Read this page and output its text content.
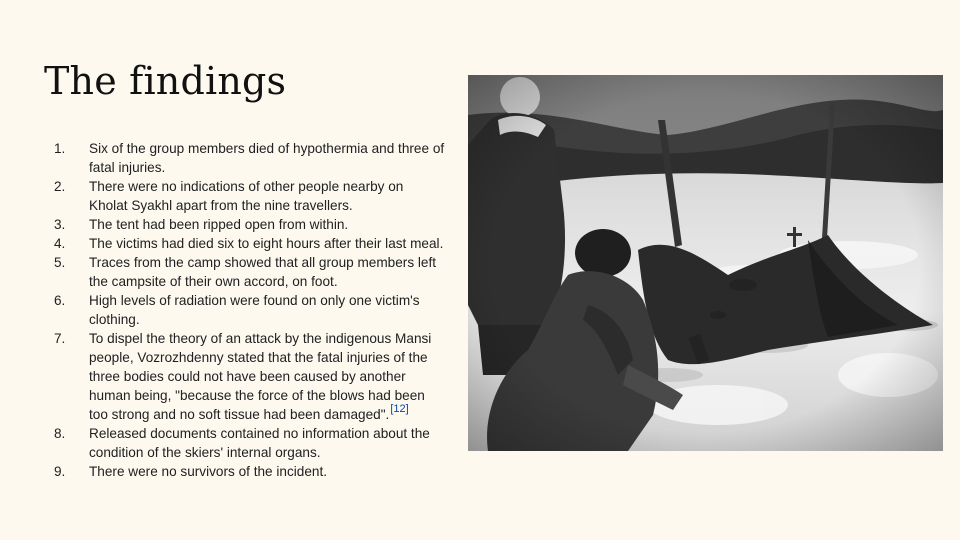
The findings
1.	Six of the group members died of hypothermia and three of fatal injuries.
2.	There were no indications of other people nearby on Kholat Syakhl apart from the nine travellers.
3.	The tent had been ripped open from within.
4.	The victims had died six to eight hours after their last meal.
5.	Traces from the camp showed that all group members left the campsite of their own accord, on foot.
6.	High levels of radiation were found on only one victim's clothing.
7.	To dispel the theory of an attack by the indigenous Mansi people, Vozrozhdenny stated that the fatal injuries of the three bodies could not have been caused by another human being, "because the force of the blows had been too strong and no soft tissue had been damaged".[12]
8.	Released documents contained no information about the condition of the skiers' internal organs.
9.	There were no survivors of the incident.
